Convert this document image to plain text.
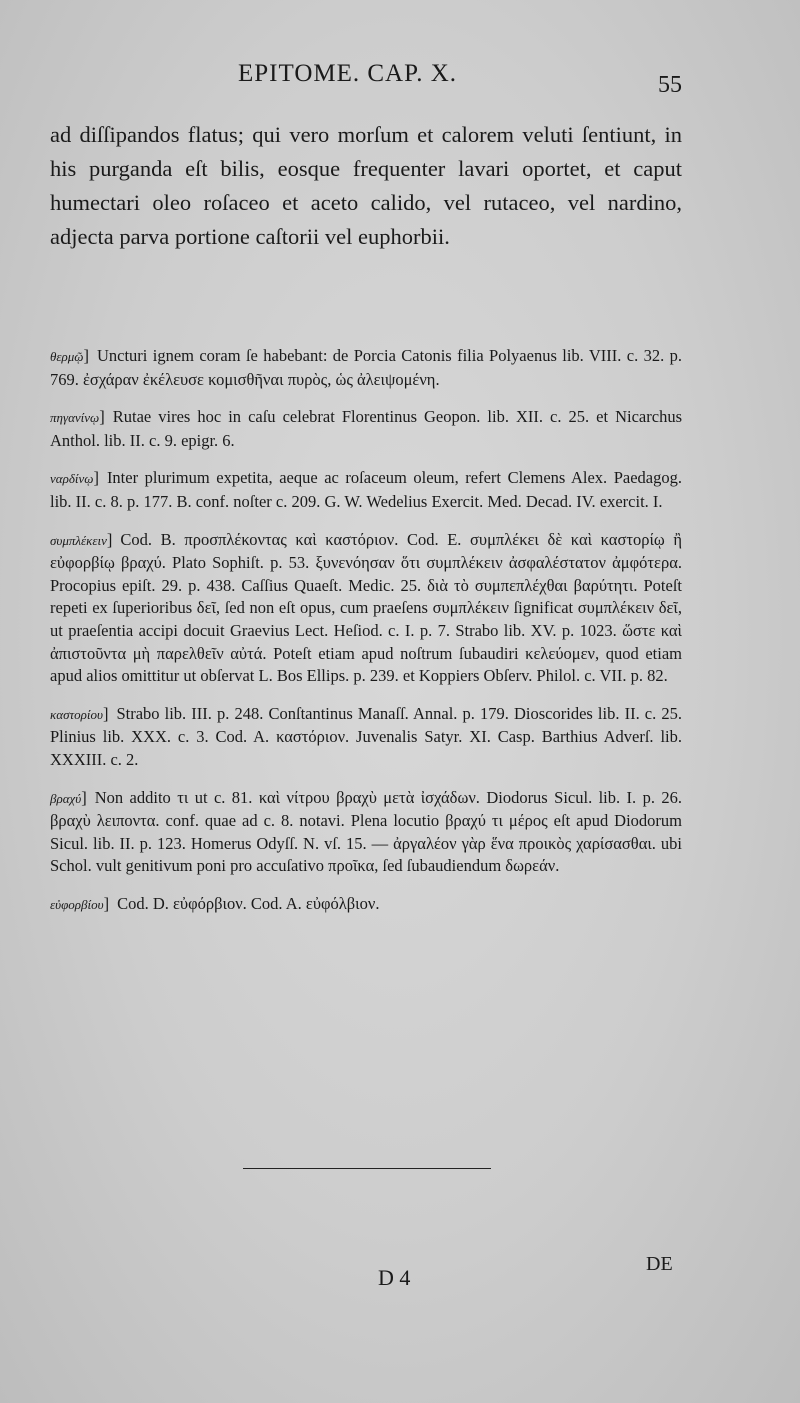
EPITOME. CAP. X.	55
ad diſſipandos flatus; qui vero morſum et calorem veluti ſentiunt, in his purganda eſt bilis, eosque frequenter lavari oportet, et caput humectari oleo roſaceo et aceto calido, vel rutaceo, vel nardino, adjecta parva portione caſtorii vel euphorbii.

θερμῷ] Uncturi ignem coram ſe habebant: de Porcia Catonis filia Polyaenus lib. VIII. c. 32. p. 769. ἐσχάραν ἐκέλευσε κομισθῆναι πυρὸς, ὡς ἀλειψομένη.

πηγανίνῳ] Rutae vires hoc in caſu celebrat Florentinus Geopon. lib. XII. c. 25. et Nicarchus Anthol. lib. II. c. 9. epigr. 6.

ναρδίνῳ] Inter plurimum expetita, aeque ac roſaceum oleum, refert Clemens Alex. Paedagog. lib. II. c. 8. p. 177. B. conf. noſter c. 209. G. W. Wedelius Exercit. Med. Decad. IV. exercit. I.

συμπλέκειν] Cod. B. προσπλέκοντας καὶ καστόριον. Cod. E. συμπλέκει δὲ καὶ καστορίῳ ἢ εὐφορβίῳ βραχύ. Plato Sophiſt. p. 53. ξυνενόησαν ὅτι συμπλέκειν ἀσφαλέστατον ἀμφότερα. Procopius epiſt. 29. p. 438. Caſſius Quaeſt. Medic. 25. διὰ τὸ συμπεπλέχθαι βαρύτητι. Poteſt repeti ex ſuperioribus δεῖ, ſed non eſt opus, cum praeſens συμπλέκειν ſignificat συμπλέκειν δεῖ, ut praeſentia accipi docuit Graevius Lect. Heſiod. c. I. p. 7. Strabo lib. XV. p. 1023. ὥστε καὶ ἀπιστοῦντα μὴ παρελθεῖν αὐτά. Poteſt etiam apud noſtrum ſubaudiri κελεύομεν, quod etiam apud alios omittitur ut obſervat L. Bos Ellips. p. 239. et Koppiers Obſerv. Philol. c. VII. p. 82.

καστορίου] Strabo lib. III. p. 248. Conſtantinus Manaſſ. Annal. p. 179. Dioscorides lib. II. c. 25. Plinius lib. XXX. c. 3. Cod. A. καστόριον. Juvenalis Satyr. XI. Casp. Barthius Adverſ. lib. XXXIII. c. 2.

βραχύ] Non addito τι ut c. 81. καὶ νίτρου βραχὺ μετὰ ἰσχάδων. Diodorus Sicul. lib. I. p. 26. βραχὺ λειποντα. conf. quae ad c. 8. notavi. Plena locutio βραχύ τι μέρος eſt apud Diodorum Sicul. lib. II. p. 123. Homerus Odyſſ. N. vſ. 15. — ἀργαλέον γὰρ ἕνα προικὸς χαρίσασθαι. ubi Schol. vult genitivum poni pro accuſativo προῖκα, ſed ſubaudiendum δωρεάν.

εὐφορβίου] Cod. D. εὐφόρβιον. Cod. A. εὐφόλβιον.

D 4
DE
